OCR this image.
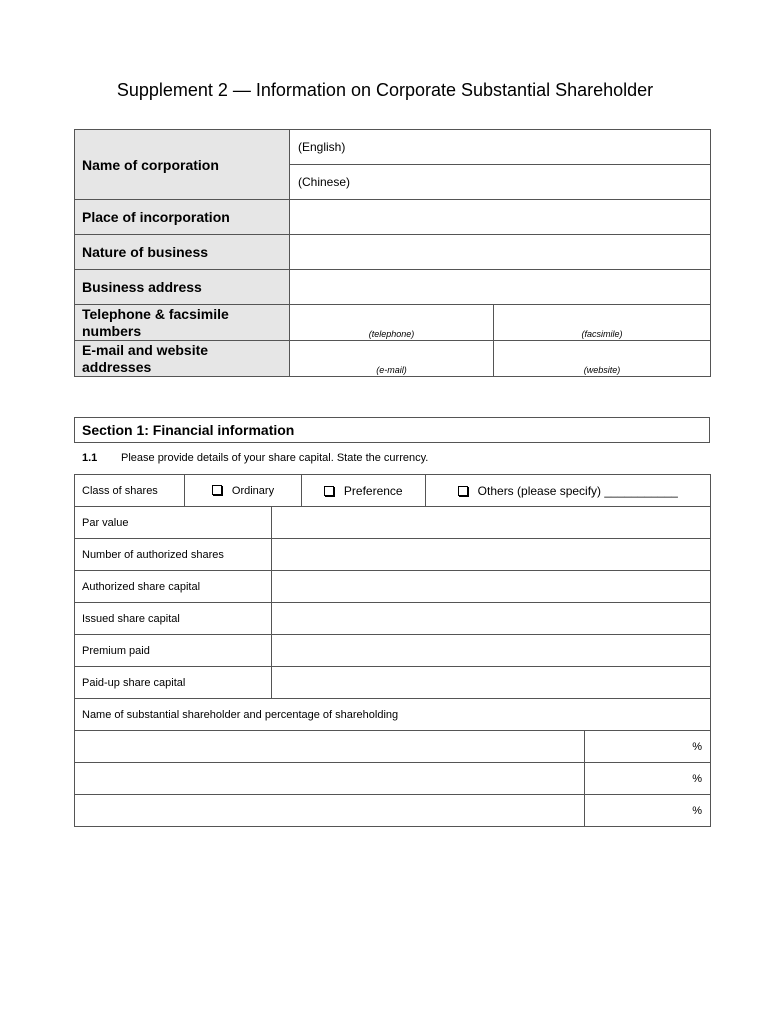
Supplement 2 — Information on Corporate Substantial Shareholder
Name of corporation	(English)	
	(Chinese)	
Place of incorporation		
Nature of business		
Business address		

Telephone & facsimile
numbers	(telephone)	(facsimile)

E-mail and website
addresses	(e-mail)	(website)
Section 1: Financial information
1.1 Please provide details of your share capital. State the currency.
Class of shares	Ordinary		Preference	Others (please specify) ___________

Par value	
Number of authorized shares	
Authorized share capital	
Issued share capital	
Premium paid	
Paid-up share capital	
Name of substantial shareholder and percentage of shareholding
	%
	%
	%
